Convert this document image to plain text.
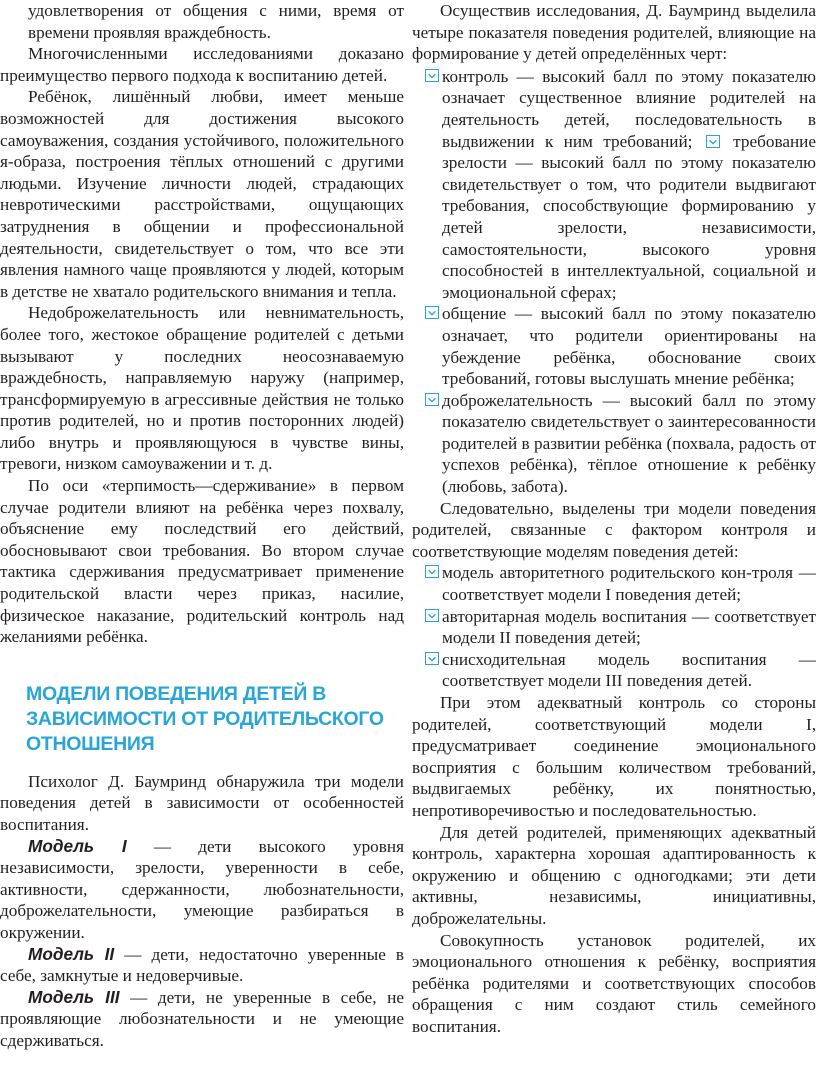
удовлетворения от общения с ними, время от времени проявляя враждебность.

Многочисленными исследованиями доказано преимущество первого подхода к воспитанию детей.

Ребёнок, лишённый любви, имеет меньше возможностей для достижения высокого самоуважения, создания устойчивого, положительного я-образа, построения тёплых отношений с другими людьми. Изучение личности людей, страдающих невротическими расстройствами, ощущающих затруднения в общении и профессиональной деятельности, свидетельствует о том, что все эти явления намного чаще проявляются у людей, которым в детстве не хватало родительского внимания и тепла.

Недоброжелательность или невнимательность, более того, жестокое обращение родителей с детьми вызывают у последних неосознаваемую враждебность, направляемую наружу (например, трансформируемую в агрессивные действия не только против родителей, но и против посторонних людей) либо внутрь и проявляющуюся в чувстве вины, тревоги, низком самоуважении и т. д.

По оси «терпимость—сдерживание» в первом случае родители влияют на ребёнка через похвалу, объяснение ему последствий его действий, обосновывают свои требования. Во втором случае тактика сдерживания предусматривает применение родительской власти через приказ, насилие, физическое наказание, родительский контроль над желаниями ребёнка.

МОДЕЛИ ПОВЕДЕНИЯ ДЕТЕЙ В ЗАВИСИМОСТИ ОТ РОДИТЕЛЬСКОГО ОТНОШЕНИЯ

Психолог Д. Баумринд обнаружила три модели поведения детей в зависимости от особенностей воспитания.

Модель I — дети высокого уровня независимости, зрелости, уверенности в себе, активности, сдержанности, любознательности, доброжелательности, умеющие разбираться в окружении.

Модель II — дети, недостаточно уверенные в себе, замкнутые и недоверчивые.

Модель III — дети, не уверенные в себе, не проявляющие любознательности и не умеющие сдерживаться.

Осуществив исследования, Д. Баумринд выделила четыре показателя поведения родителей, влияющие на формирование у детей определённых черт:

контроль — высокий балл по этому показателю означает существенное влияние родителей на деятельность детей, последовательность в выдвижении к ним требований; требование зрелости — высокий балл по этому показателю свидетельствует о том, что родители выдвигают требования, способствующие формированию у детей зрелости, независимости, самостоятельности, высокого уровня способностей в интеллектуальной, социальной и эмоциональной сферах;
общение — высокий балл по этому показателю означает, что родители ориентированы на убеждение ребёнка, обоснование своих требований, готовы выслушать мнение ребёнка;
доброжелательность — высокий балл по этому показателю свидетельствует о заинтересованности родителей в развитии ребёнка (похвала, радость от успехов ребёнка), тёплое отношение к ребёнку (любовь, забота).

Следовательно, выделены три модели поведения родителей, связанные с фактором контроля и соответствующие моделям поведения детей:

модель авторитетного родительского кон-троля — соответствует модели I поведения детей;
авторитарная модель воспитания — соответствует модели II поведения детей;
снисходительная модель воспитания — соответствует модели III поведения детей.

При этом адекватный контроль со стороны родителей, соответствующий модели I, предусматривает соединение эмоционального восприятия с большим количеством требований, выдвигаемых ребёнку, их понятностью, непротиворечивостью и последовательностью.

Для детей родителей, применяющих адекватный контроль, характерна хорошая адаптированность к окружению и общению с одногодками; эти дети активны, независимы, инициативны, доброжелательны.

Совокупность установок родителей, их эмоционального отношения к ребёнку, восприятия ребёнка родителями и соответствующих способов обращения с ним создают стиль семейного воспитания.
